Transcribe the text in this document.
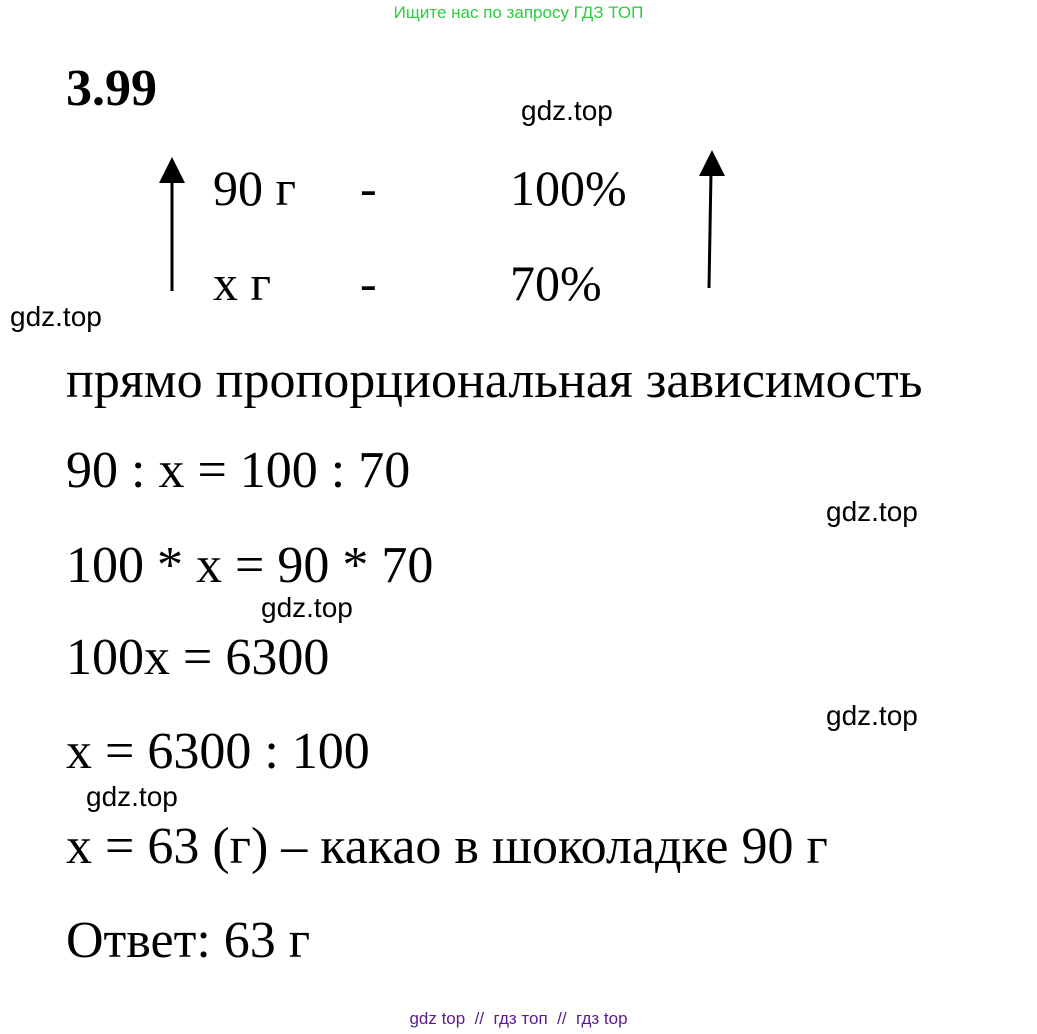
Ищите нас по запросу ГДЗ ТОП
3.99	gdz.top
gdz.top
gdz.top
gdz.top
gdz.top
gdz.top
90 г -	100%
х г -	70%
прямо пропорциональная зависимость
90 : х = 100 : 70
100 * х = 90 * 70
100х = 6300
х = 6300 : 100
х = 63 (г) – какао в шоколадке 90 г
Ответ: 63 г
gdz top  //  гдз топ  //  гдз top
